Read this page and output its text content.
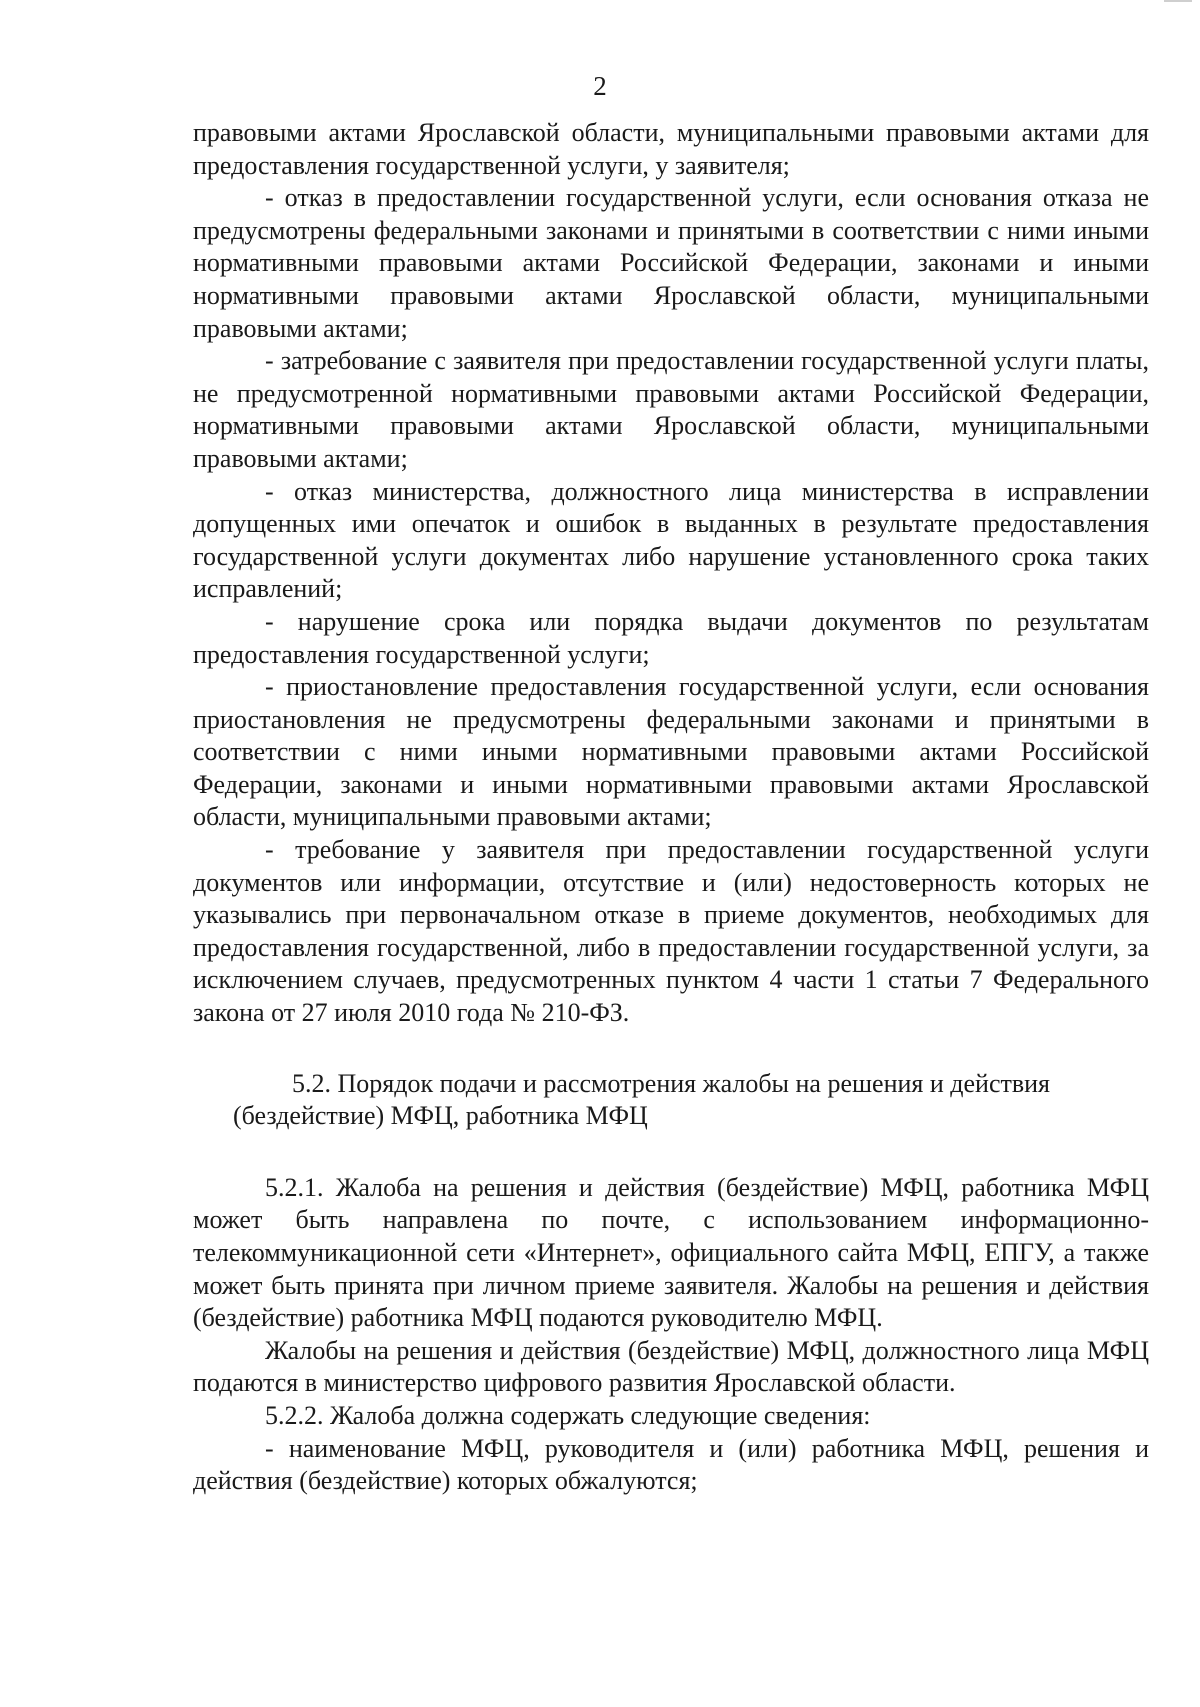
2

правовыми актами Ярославской области, муниципальными правовыми актами для предоставления государственной услуги, у заявителя;

- отказ в предоставлении государственной услуги, если основания отказа не предусмотрены федеральными законами и принятыми в соответствии с ними иными нормативными правовыми актами Российской Федерации, законами и иными нормативными правовыми актами Ярославской области, муниципальными правовыми актами;

- затребование с заявителя при предоставлении государственной услуги платы, не предусмотренной нормативными правовыми актами Российской Федерации, нормативными правовыми актами Ярославской области, муниципальными правовыми актами;

- отказ министерства, должностного лица министерства в исправлении допущенных ими опечаток и ошибок в выданных в результате предоставления государственной услуги документах либо нарушение установленного срока таких исправлений;

- нарушение срока или порядка выдачи документов по результатам предоставления государственной услуги;

- приостановление предоставления государственной услуги, если основания приостановления не предусмотрены федеральными законами и принятыми в соответствии с ними иными нормативными правовыми актами Российской Федерации, законами и иными нормативными правовыми актами Ярославской области, муниципальными правовыми актами;

- требование у заявителя при предоставлении государственной услуги документов или информации, отсутствие и (или) недостоверность которых не указывались при первоначальном отказе в приеме документов, необходимых для предоставления государственной, либо в предоставлении государственной услуги, за исключением случаев, предусмотренных пунктом 4 части 1 статьи 7 Федерального закона от 27 июля 2010 года № 210-ФЗ.

5.2. Порядок подачи и рассмотрения жалобы на решения и действия (бездействие) МФЦ, работника МФЦ

5.2.1. Жалоба на решения и действия (бездействие) МФЦ, работника МФЦ может быть направлена по почте, с использованием информационно-телекоммуникационной сети «Интернет», официального сайта МФЦ, ЕПГУ, а также может быть принята при личном приеме заявителя. Жалобы на решения и действия (бездействие) работника МФЦ подаются руководителю МФЦ.

Жалобы на решения и действия (бездействие) МФЦ, должностного лица МФЦ подаются в министерство цифрового развития Ярославской области.

5.2.2. Жалоба должна содержать следующие сведения:

- наименование МФЦ, руководителя и (или) работника МФЦ, решения и действия (бездействие) которых обжалуются;
